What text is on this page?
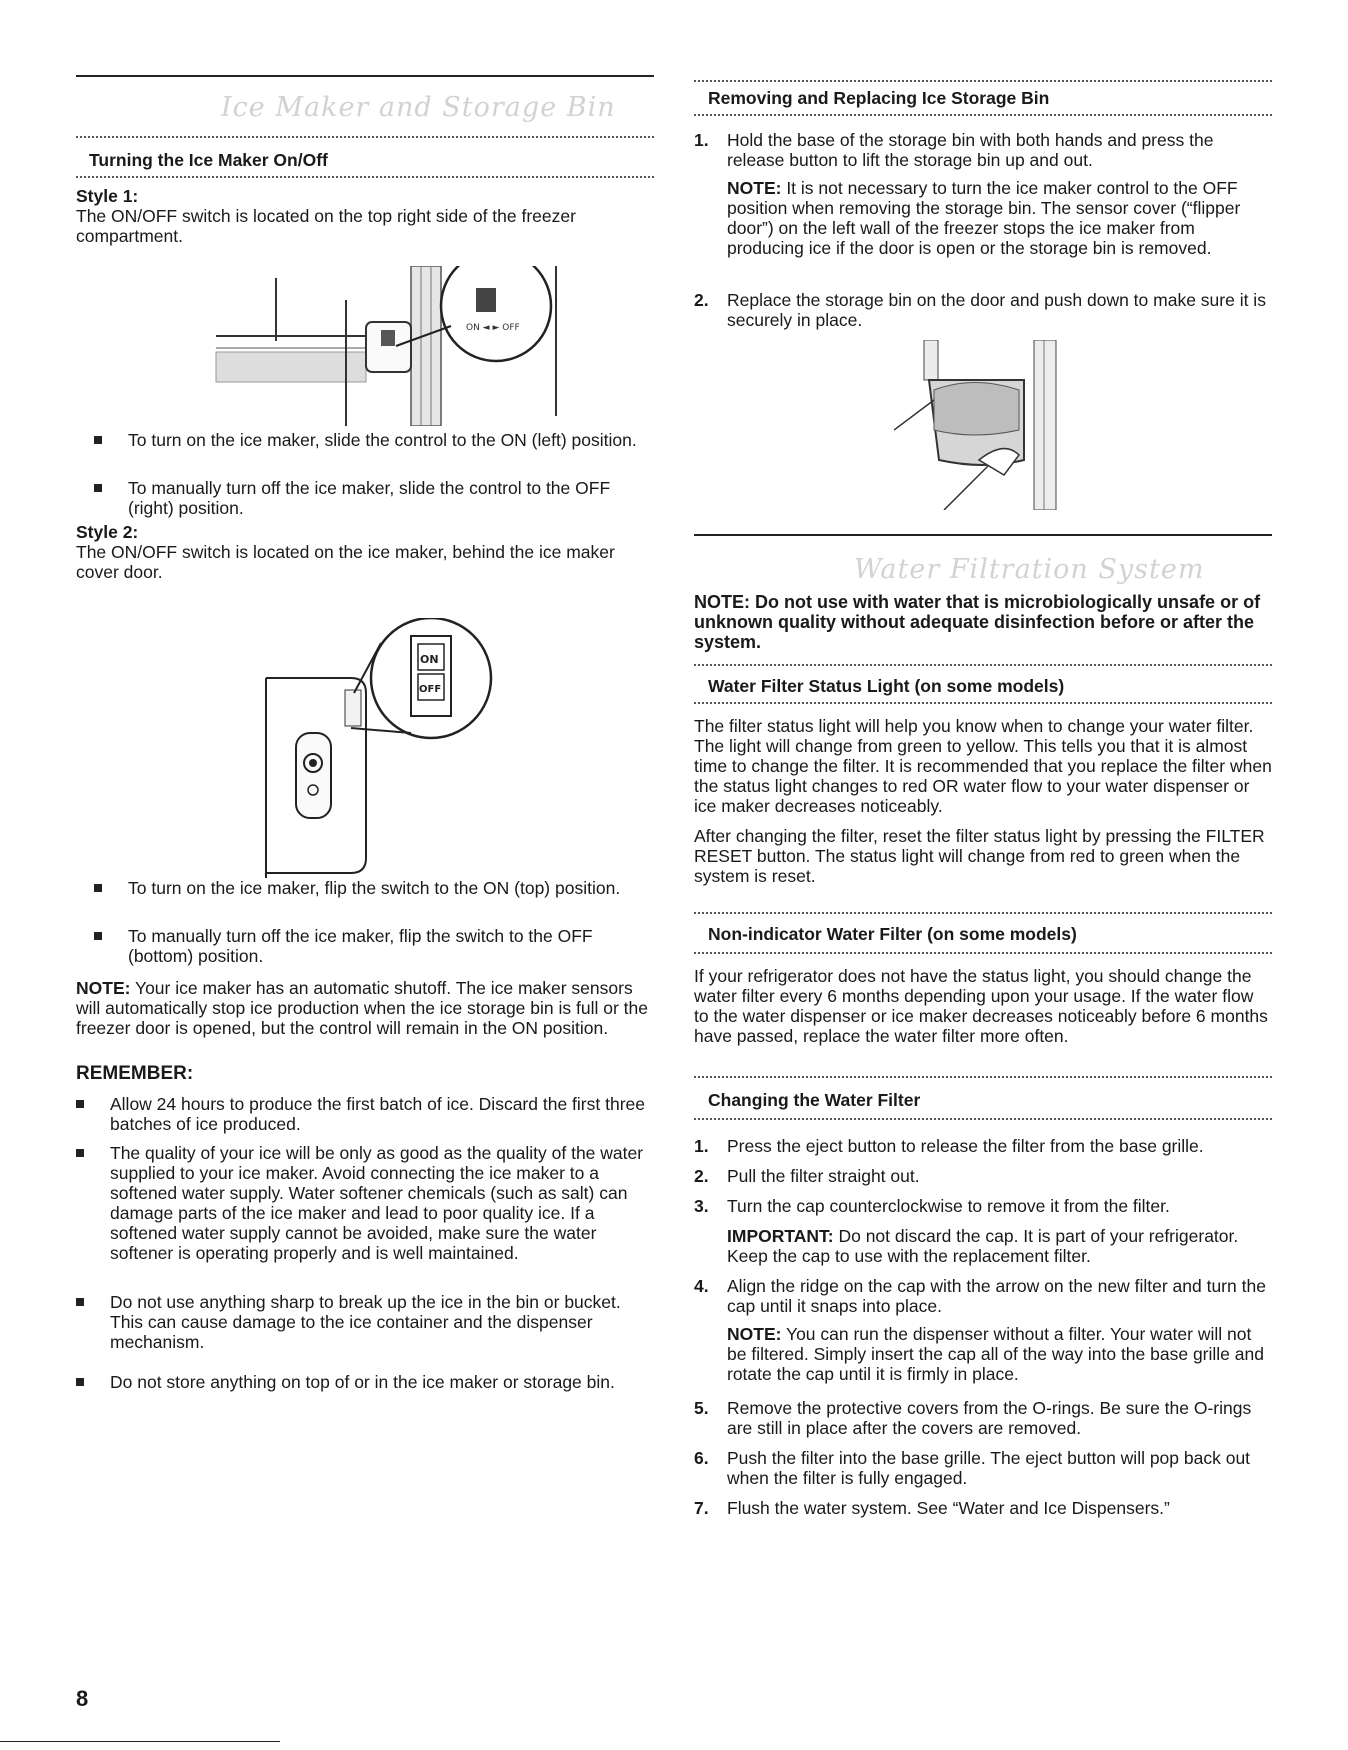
Ice Maker and Storage Bin
Turning the Ice Maker On/Off
Style 1:

The ON/OFF switch is located on the top right side of the freezer compartment.

ON ◄ ► OFF
To turn on the ice maker, slide the control to the ON (left) position.
To manually turn off the ice maker, slide the control to the OFF (right) position.
Style 2:

The ON/OFF switch is located on the ice maker, behind the ice maker cover door.

ON
OFF
To turn on the ice maker, flip the switch to the ON (top) position.
To manually turn off the ice maker, flip the switch to the OFF (bottom) position.

NOTE: Your ice maker has an automatic shutoff. The ice maker sensors will automatically stop ice production when the ice storage bin is full or the freezer door is opened, but the control will remain in the ON position.

REMEMBER:
Allow 24 hours to produce the first batch of ice. Discard the first three batches of ice produced.
The quality of your ice will be only as good as the quality of the water supplied to your ice maker. Avoid connecting the ice maker to a softened water supply. Water softener chemicals (such as salt) can damage parts of the ice maker and lead to poor quality ice. If a softened water supply cannot be avoided, make sure the water softener is operating properly and is well maintained.
Do not use anything sharp to break up the ice in the bin or bucket. This can cause damage to the ice container and the dispenser mechanism.
Do not store anything on top of or in the ice maker or storage bin.
Removing and Replacing Ice Storage Bin
1. Hold the base of the storage bin with both hands and press the release button to lift the storage bin up and out.

NOTE: It is not necessary to turn the ice maker control to the OFF position when removing the storage bin. The sensor cover (“flipper door”) on the left wall of the freezer stops the ice maker from producing ice if the door is open or the storage bin is removed.

2. Replace the storage bin on the door and push down to make sure it is securely in place.
Water Filtration System

NOTE: Do not use with water that is microbiologically unsafe or of unknown quality without adequate disinfection before or after the system.

Water Filter Status Light (on some models)

The filter status light will help you know when to change your water filter. The light will change from green to yellow. This tells you that it is almost time to change the filter. It is recommended that you replace the filter when the status light changes to red OR water flow to your water dispenser or ice maker decreases noticeably.

After changing the filter, reset the filter status light by pressing the FILTER RESET button. The status light will change from red to green when the system is reset.

Non-indicator Water Filter (on some models)

If your refrigerator does not have the status light, you should change the water filter every 6 months depending upon your usage. If the water flow to the water dispenser or ice maker decreases noticeably before 6 months have passed, replace the water filter more often.

Changing the Water Filter
1. Press the eject button to release the filter from the base grille.
2. Pull the filter straight out.
3. Turn the cap counterclockwise to remove it from the filter.

IMPORTANT: Do not discard the cap. It is part of your refrigerator. Keep the cap to use with the replacement filter.

4. Align the ridge on the cap with the arrow on the new filter and turn the cap until it snaps into place.

NOTE: You can run the dispenser without a filter. Your water will not be filtered. Simply insert the cap all of the way into the base grille and rotate the cap until it is firmly in place.

5. Remove the protective covers from the O-rings. Be sure the O-rings are still in place after the covers are removed.
6. Push the filter into the base grille. The eject button will pop back out when the filter is fully engaged.
7. Flush the water system. See “Water and Ice Dispensers.”
8
